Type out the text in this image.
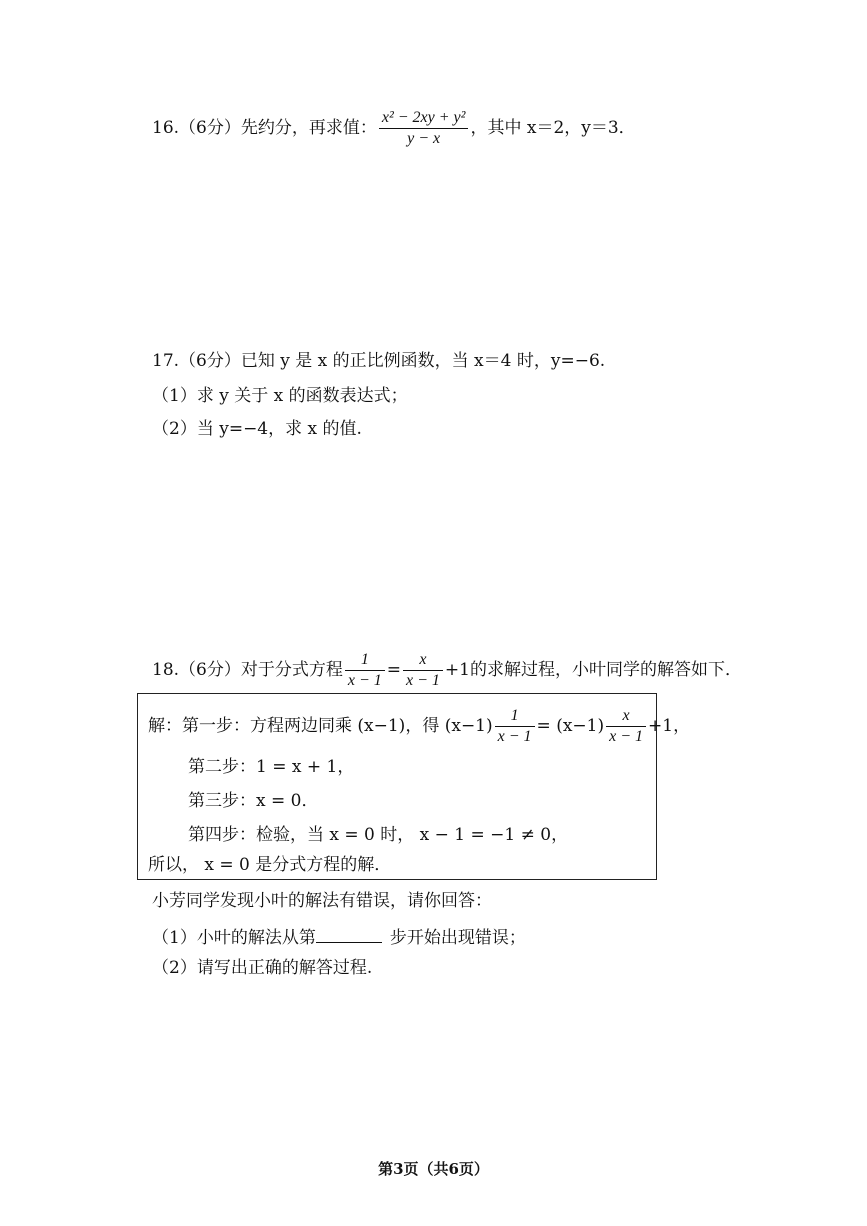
16.（6分）先约分，再求值： $\frac{\text{x² − 2xy + y²}}{y - x}$ ，其中 x＝2，y＝3．
17.（6分）已知 y 是 x 的正比例函数，当 x＝4 时，y=−6.
（1）求 y 关于 x 的函数表达式；
（2）当 y=−4，求 x 的值.
18.（6分）对于分式方程 $\frac{1}{x - 1} = \frac{x}{x - 1} +1$的求解过程，小叶同学的解答如下．
解：第一步：方程两边同乘 (x−1)，得 $(x-1) \frac{1}{x - 1} = (x-1) \frac{x}{x - 1} +1$，
第二步：1 = x + 1，
第三步：x = 0．
第四步：检验，当 x = 0 时， x − 1 = −1 ≠ 0，
所以， x = 0 是分式方程的解．
小芳同学发现小叶的解法有错误，请你回答：
（1）小叶的解法从第	步开始出现错误；
（2）请写出正确的解答过程.
第3页（共6页）
